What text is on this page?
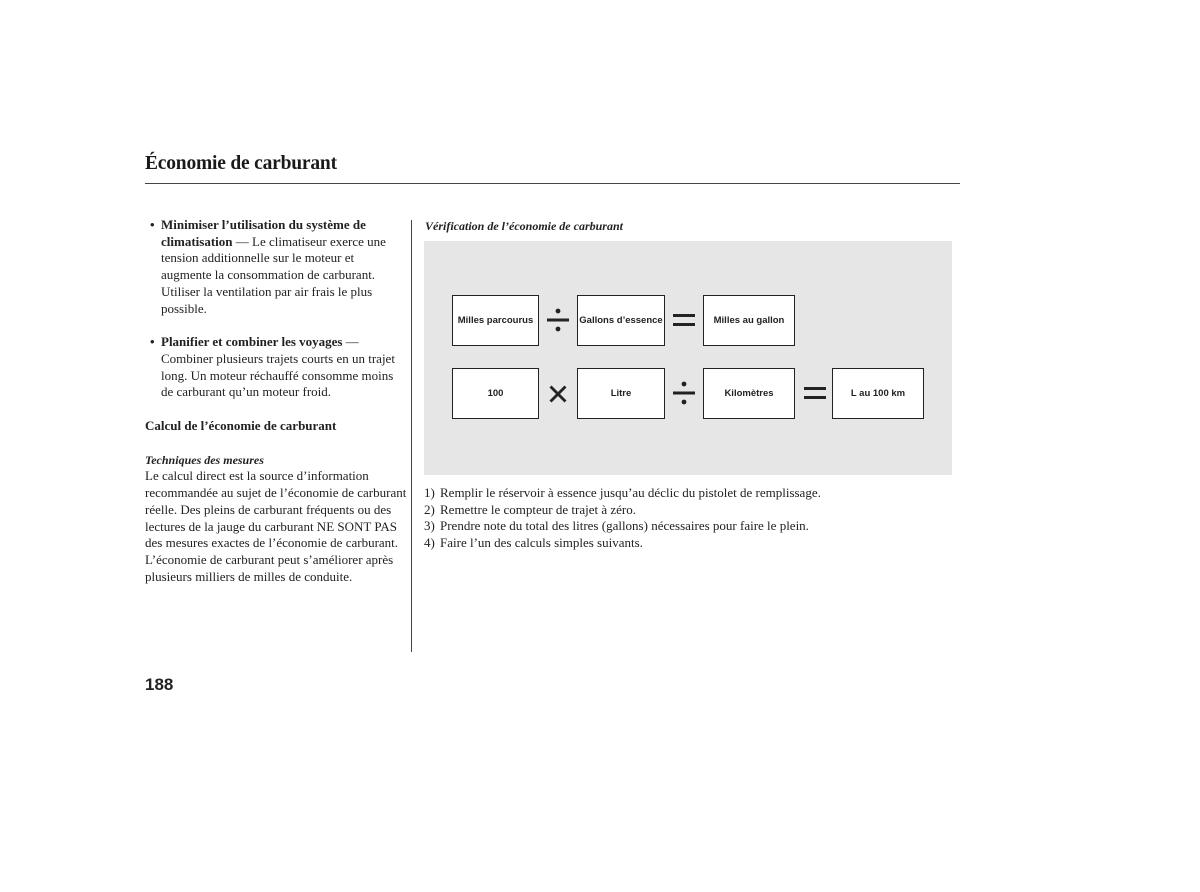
Économie de carburant
• Minimiser l’utilisation du système de climatisation — Le climatiseur exerce une tension additionnelle sur le moteur et augmente la consommation de carburant. Utiliser la ventilation par air frais le plus possible.
• Planifier et combiner les voyages — Combiner plusieurs trajets courts en un trajet long. Un moteur réchauffé consomme moins de carburant qu’un moteur froid.
Calcul de l’économie de carburant
Techniques des mesures
Le calcul direct est la source d’information recommandée au sujet de l’économie de carburant réelle. Des pleins de carburant fréquents ou des lectures de la jauge du carburant NE SONT PAS des mesures exactes de l’économie de carburant. L’économie de carburant peut s’améliorer après plusieurs milliers de milles de conduite.
Vérification de l’économie de carburant
Milles parcourus	Gallons d’essence	Milles au gallon
100	Litre	Kilomètres	L au 100 km
1) Remplir le réservoir à essence jusqu’au déclic du pistolet de remplissage.
2) Remettre le compteur de trajet à zéro.
3) Prendre note du total des litres (gallons) nécessaires pour faire le plein.
4) Faire l’un des calculs simples suivants.
188
